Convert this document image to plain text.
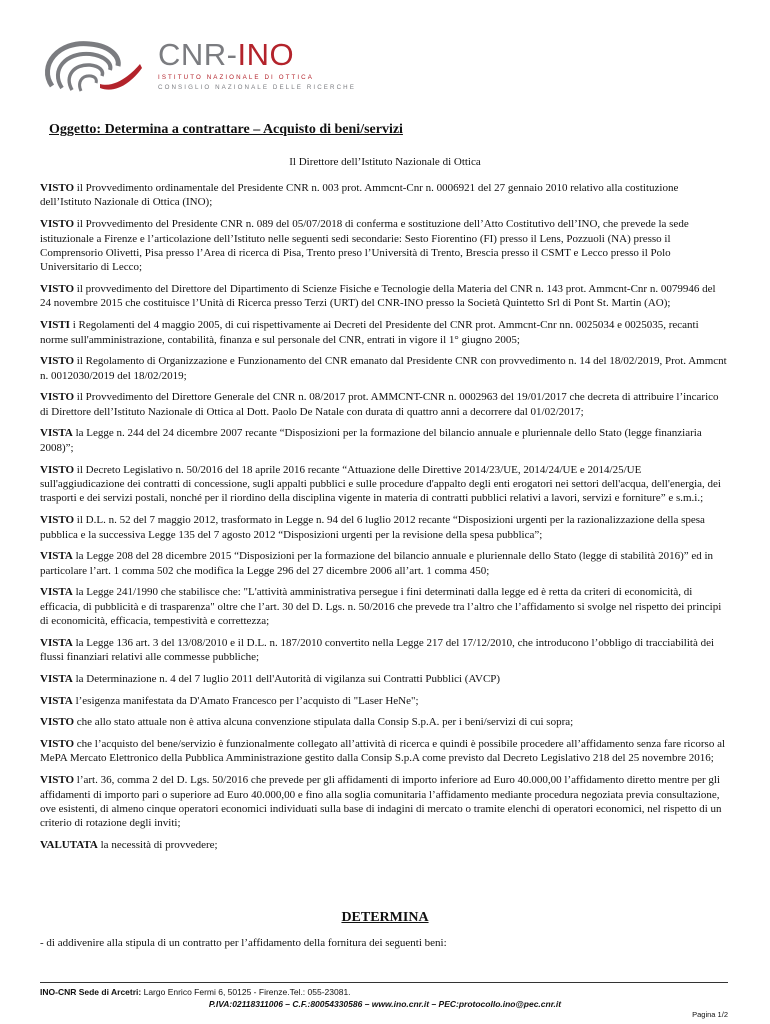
CNR-INO
ISTITUTO NAZIONALE DI OTTICA
CONSIGLIO NAZIONALE DELLE RICERCHE
Oggetto: Determina a contrattare – Acquisto di beni/servizi
Il Direttore dell’Istituto Nazionale di Ottica
VISTO il Provvedimento ordinamentale del Presidente CNR n. 003 prot. Ammcnt-Cnr n. 0006921 del 27 gennaio 2010 relativo alla costituzione dell’Istituto Nazionale di Ottica (INO);
VISTO il Provvedimento del Presidente CNR n. 089 del 05/07/2018 di conferma e sostituzione dell’Atto Costitutivo dell’INO, che prevede la sede istituzionale a Firenze e l’articolazione dell’Istituto nelle seguenti sedi secondarie: Sesto Fiorentino (FI) presso il Lens, Pozzuoli (NA) presso il Comprensorio Olivetti, Pisa presso l’Area di ricerca di Pisa, Trento preso l’Università di Trento, Brescia presso il CSMT e Lecco presso il Polo Universitario di Lecco;
VISTO il provvedimento del Direttore del Dipartimento di Scienze Fisiche e Tecnologie della Materia del CNR n. 143 prot. Ammcnt-Cnr n. 0079946 del 24 novembre 2015 che costituisce l’Unità di Ricerca presso Terzi (URT) del CNR-INO presso la Società Quintetto Srl di Pont St. Martin (AO);
VISTI i Regolamenti del 4 maggio 2005, di cui rispettivamente ai Decreti del Presidente del CNR prot. Ammcnt-Cnr nn. 0025034 e 0025035, recanti norme sull'amministrazione, contabilità, finanza e sul personale del CNR, entrati in vigore il 1° giugno 2005;
VISTO il Regolamento di Organizzazione e Funzionamento del CNR emanato dal Presidente CNR con provvedimento n. 14 del 18/02/2019, Prot. Ammcnt n. 0012030/2019 del 18/02/2019;
VISTO il Provvedimento del Direttore Generale del CNR n. 08/2017 prot. AMMCNT-CNR n. 0002963 del 19/01/2017 che decreta di attribuire l’incarico di Direttore dell’Istituto Nazionale di Ottica al Dott. Paolo De Natale con durata di quattro anni a decorrere dal 01/02/2017;
VISTA la Legge n. 244 del 24 dicembre 2007 recante “Disposizioni per la formazione del bilancio annuale e pluriennale dello Stato (legge finanziaria 2008)”;
VISTO il Decreto Legislativo n. 50/2016 del 18 aprile 2016 recante “Attuazione delle Direttive 2014/23/UE, 2014/24/UE e 2014/25/UE sull'aggiudicazione dei contratti di concessione, sugli appalti pubblici e sulle procedure d'appalto degli enti erogatori nei settori dell'acqua, dell'energia, dei trasporti e dei servizi postali, nonché per il riordino della disciplina vigente in materia di contratti pubblici relativi a lavori, servizi e forniture” e s.m.i.;
VISTO il D.L. n. 52 del 7 maggio 2012, trasformato in Legge n. 94 del 6 luglio 2012 recante “Disposizioni urgenti per la razionalizzazione della spesa pubblica e la successiva Legge 135 del 7 agosto 2012 “Disposizioni urgenti per la revisione della spesa pubblica”;
VISTA la Legge 208 del 28 dicembre 2015 “Disposizioni per la formazione del bilancio annuale e pluriennale dello Stato (legge di stabilità 2016)” ed in particolare l’art. 1 comma 502 che modifica la Legge 296 del 27 dicembre 2006 all’art. 1 comma 450;
VISTA la Legge 241/1990 che stabilisce che: "L'attività amministrativa persegue i fini determinati dalla legge ed è retta da criteri di economicità, di efficacia, di pubblicità e di trasparenza" oltre che l’art. 30 del D. Lgs. n. 50/2016 che prevede tra l’altro che l’affidamento si svolge nel rispetto dei principi di economicità, efficacia, tempestività e correttezza;
VISTA la Legge 136 art. 3 del 13/08/2010 e il D.L. n. 187/2010 convertito nella Legge 217 del 17/12/2010, che introducono l’obbligo di tracciabilità dei flussi finanziari relativi alle commesse pubbliche;
VISTA la Determinazione n. 4 del 7 luglio 2011 dell'Autorità di vigilanza sui Contratti Pubblici (AVCP)
VISTA l’esigenza manifestata da D'Amato Francesco per l’acquisto di "Laser HeNe";
VISTO che allo stato attuale non è attiva alcuna convenzione stipulata dalla Consip S.p.A. per i beni/servizi di cui sopra;
VISTO che l’acquisto del bene/servizio è funzionalmente collegato all’attività di ricerca e quindi è possibile procedere all’affidamento senza fare ricorso al MePA Mercato Elettronico della Pubblica Amministrazione gestito dalla Consip S.p.A come previsto dal Decreto Legislativo 218 del 25 novembre 2016;
VISTO l’art. 36, comma 2 del D. Lgs. 50/2016 che prevede per gli affidamenti di importo inferiore ad Euro 40.000,00 l’affidamento diretto mentre per gli affidamenti di importo pari o superiore ad Euro 40.000,00 e fino alla soglia comunitaria l’affidamento mediante procedura negoziata previa consultazione, ove esistenti, di almeno cinque operatori economici individuati sulla base di indagini di mercato o tramite elenchi di operatori economici, nel rispetto di un criterio di rotazione degli inviti;
VALUTATA la necessità di provvedere;
DETERMINA
- di addivenire alla stipula di un contratto per l’affidamento della fornitura dei seguenti beni:
INO-CNR Sede di Arcetri: Largo Enrico Fermi 6, 50125 - Firenze.Tel.: 055-23081.
P.IVA:02118311006 – C.F.:80054330586 – www.ino.cnr.it – PEC:protocollo.ino@pec.cnr.it
Pagina 1/2
